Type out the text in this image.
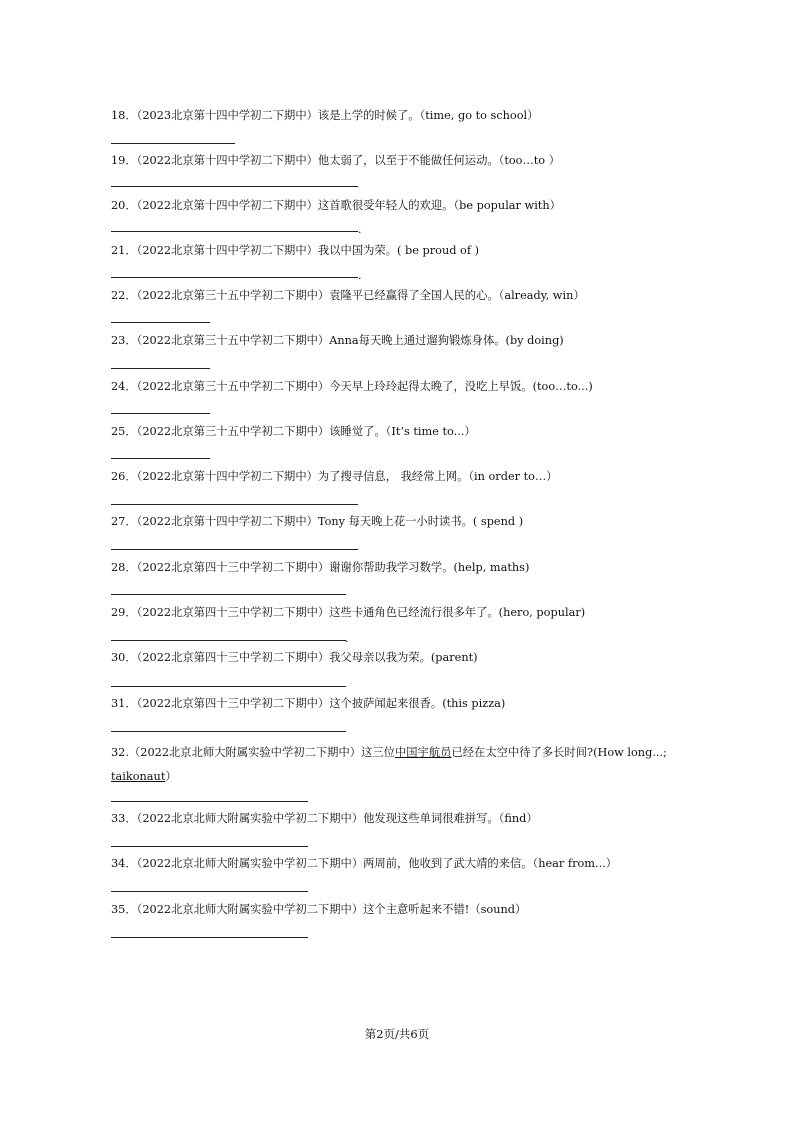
18．（2023北京第十四中学初二下期中）该是上学的时候了。（time, go to school）
19．（2022北京第十四中学初二下期中）他太弱了，以至于不能做任何运动。（too…to ）
20．（2022北京第十四中学初二下期中）这首歌很受年轻人的欢迎。（be popular with）
.
21．（2022北京第十四中学初二下期中）我以中国为荣。( be proud of )
.
22．（2022北京第三十五中学初二下期中）袁隆平已经赢得了全国人民的心。（already, win）
23．（2022北京第三十五中学初二下期中）Anna每天晚上通过遛狗锻炼身体。(by doing)
24．（2022北京第三十五中学初二下期中）今天早上玲玲起得太晚了，没吃上早饭。(too…to...)
25．（2022北京第三十五中学初二下期中）该睡觉了。（It’s time to...）
26．（2022北京第十四中学初二下期中）为了搜寻信息， 我经常上网。（in order to…）
27．（2022北京第十四中学初二下期中）Tony 每天晚上花一小时读书。( spend )
28．（2022北京第四十三中学初二下期中）谢谢你帮助我学习数学。(help, maths)
29．（2022北京第四十三中学初二下期中）这些卡通角色已经流行很多年了。(hero, popular)
.
30．（2022北京第四十三中学初二下期中）我父母亲以我为荣。(parent)
31．（2022北京第四十三中学初二下期中）这个披萨闻起来很香。(this pizza)
32.（2022北京北师大附属实验中学初二下期中）这三位中国宇航员已经在太空中待了多长时间?(How long...;
taikonaut）
33．（2022北京北师大附属实验中学初二下期中）他发现这些单词很难拼写。（find）
34．（2022北京北师大附属实验中学初二下期中）两周前，他收到了武大靖的来信。（hear from...）
35．（2022北京北师大附属实验中学初二下期中）这个主意听起来不错!（sound）
第2页/共6页
